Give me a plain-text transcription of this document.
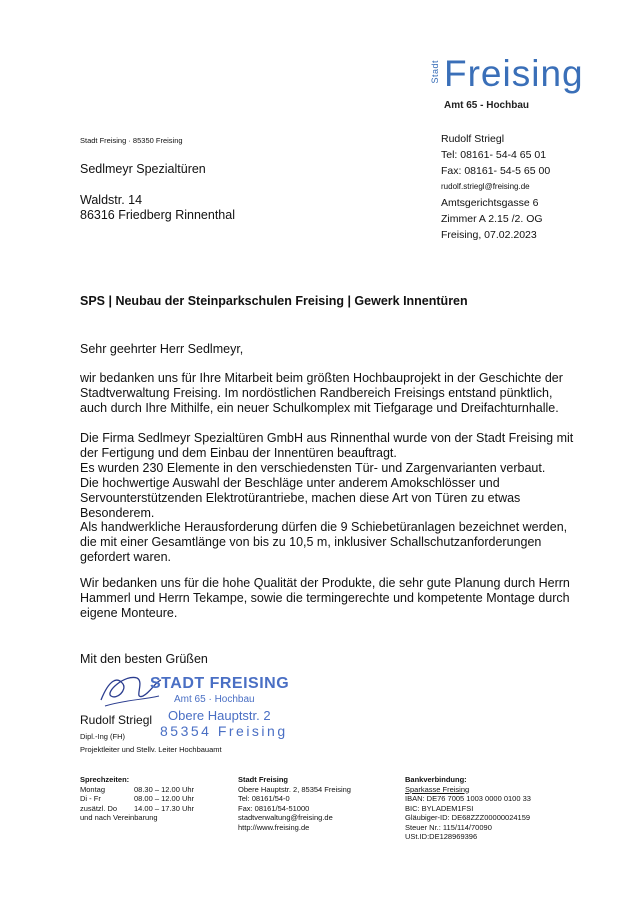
Stadt Freising
Amt 65 - Hochbau
Stadt Freising · 85350 Freising
Sedlmeyr Spezialtüren
Waldstr. 14
86316 Friedberg Rinnenthal
Rudolf Striegl
Tel: 08161- 54-4 65 01
Fax: 08161- 54-5 65 00
rudolf.striegl@freising.de
Amtsgerichtsgasse 6
Zimmer A 2.15 /2. OG
Freising, 07.02.2023
SPS | Neubau der Steinparkschulen Freising | Gewerk Innentüren
Sehr geehrter Herr Sedlmeyr,

wir bedanken uns für Ihre Mitarbeit beim größten Hochbauprojekt in der Geschichte der Stadtverwaltung Freising. Im nordöstlichen Randbereich Freisings entstand pünktlich, auch durch Ihre Mithilfe, ein neuer Schulkomplex mit Tiefgarage und Dreifachturnhalle.

Die Firma Sedlmeyr Spezialtüren GmbH aus Rinnenthal wurde von der Stadt Freising mit der Fertigung und dem Einbau der Innentüren beauftragt.

Es wurden 230 Elemente in den verschiedensten Tür- und Zargenvarianten verbaut.

Die hochwertige Auswahl der Beschläge unter anderem Amokschlösser und Servounterstützenden Elektrotürantriebe, machen diese Art von Türen zu etwas Besonderem.

Als handwerkliche Herausforderung dürfen die 9 Schiebetüranlagen bezeichnet werden, die mit einer Gesamtlänge von bis zu 10,5 m, inklusiver Schallschutzanforderungen gefordert waren.

Wir bedanken uns für die hohe Qualität der Produkte, die sehr gute Planung durch Herrn Hammerl und Herrn Tekampe, sowie die termingerechte und kompetente Montage durch eigene Monteure.

Mit den besten Grüßen
STADT FREISING
Amt 65 · Hochbau
Obere Hauptstr. 2
85354 Freising
Rudolf Striegl
Dipl.-Ing (FH)
Projektleiter und Stellv. Leiter Hochbauamt
Sprechzeiten:
Montag	08.30 – 12.00 Uhr
Di - Fr	08.00 – 12.00 Uhr
zusätzl. Do	14.00 – 17.30 Uhr
und nach Vereinbarung
Stadt Freising
Obere Hauptstr. 2, 85354 Freising
Tel: 08161/54-0
Fax: 08161/54-51000
stadtverwaltung@freising.de
http://www.freising.de
Bankverbindung:
Sparkasse Freising
IBAN: DE76 7005 1003 0000 0100 33
BIC: BYLADEM1FSI
Gläubiger-ID: DE68ZZZ00000024159
Steuer Nr.: 115/114/70090
USt.ID:DE128969396
